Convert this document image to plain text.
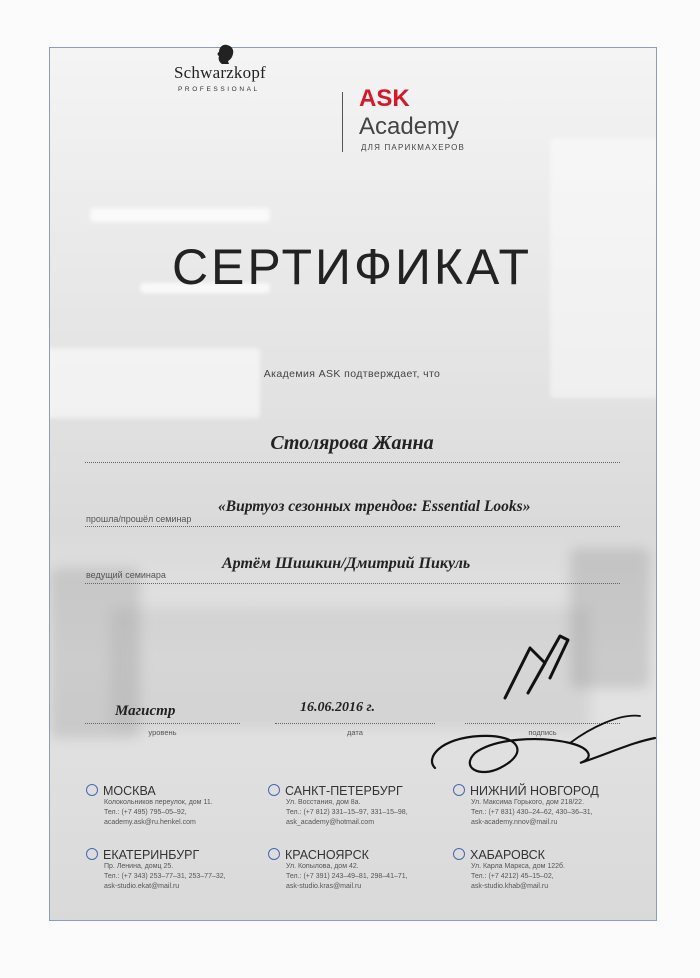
Schwarzkopf
PROFESSIONAL	ASK
Academy
ДЛЯ ПАРИКМАХЕРОВ
СЕРТИФИКАТ
Академия ASK подтверждает, что
Столярова Жанна
прошла/прошёл семинар
«Виртуоз сезонных трендов: Essential Looks»
ведущий семинара
Артём Шишкин/Дмитрий Пикуль
Магистр
уровень
16.06.2016 г.
дата	подпись
МОСКВА
Колокольников переулок, дом 11.
Тел.: (+7 495) 795–05–92,
academy.ask@ru.henkel.com
САНКТ-ПЕТЕРБУРГ
Ул. Восстания, дом 8а.
Тел.: (+7 812) 331–15–97, 331–15–98,
ask_academy@hotmail.com
НИЖНИЙ НОВГОРОД
Ул. Максима Горького, дом 218/22.
Тел.: (+7 831) 430–24–62, 430–36–31,
ask-academy.nnov@mail.ru
ЕКАТЕРИНБУРГ
Пр. Ленина, домц 25.
Тел.: (+7 343) 253–77–31, 253–77–32,
ask-studio.ekat@mail.ru
КРАСНОЯРСК
Ул. Копылова, дом 42.
Тел.: (+7 391) 243–49–81, 298–41–71,
ask-studio.kras@mail.ru
ХАБАРОВСК
Ул. Карла Маркса, дом 122б.
Тел.: (+7 4212) 45–15–02,
ask-studio.khab@mail.ru
